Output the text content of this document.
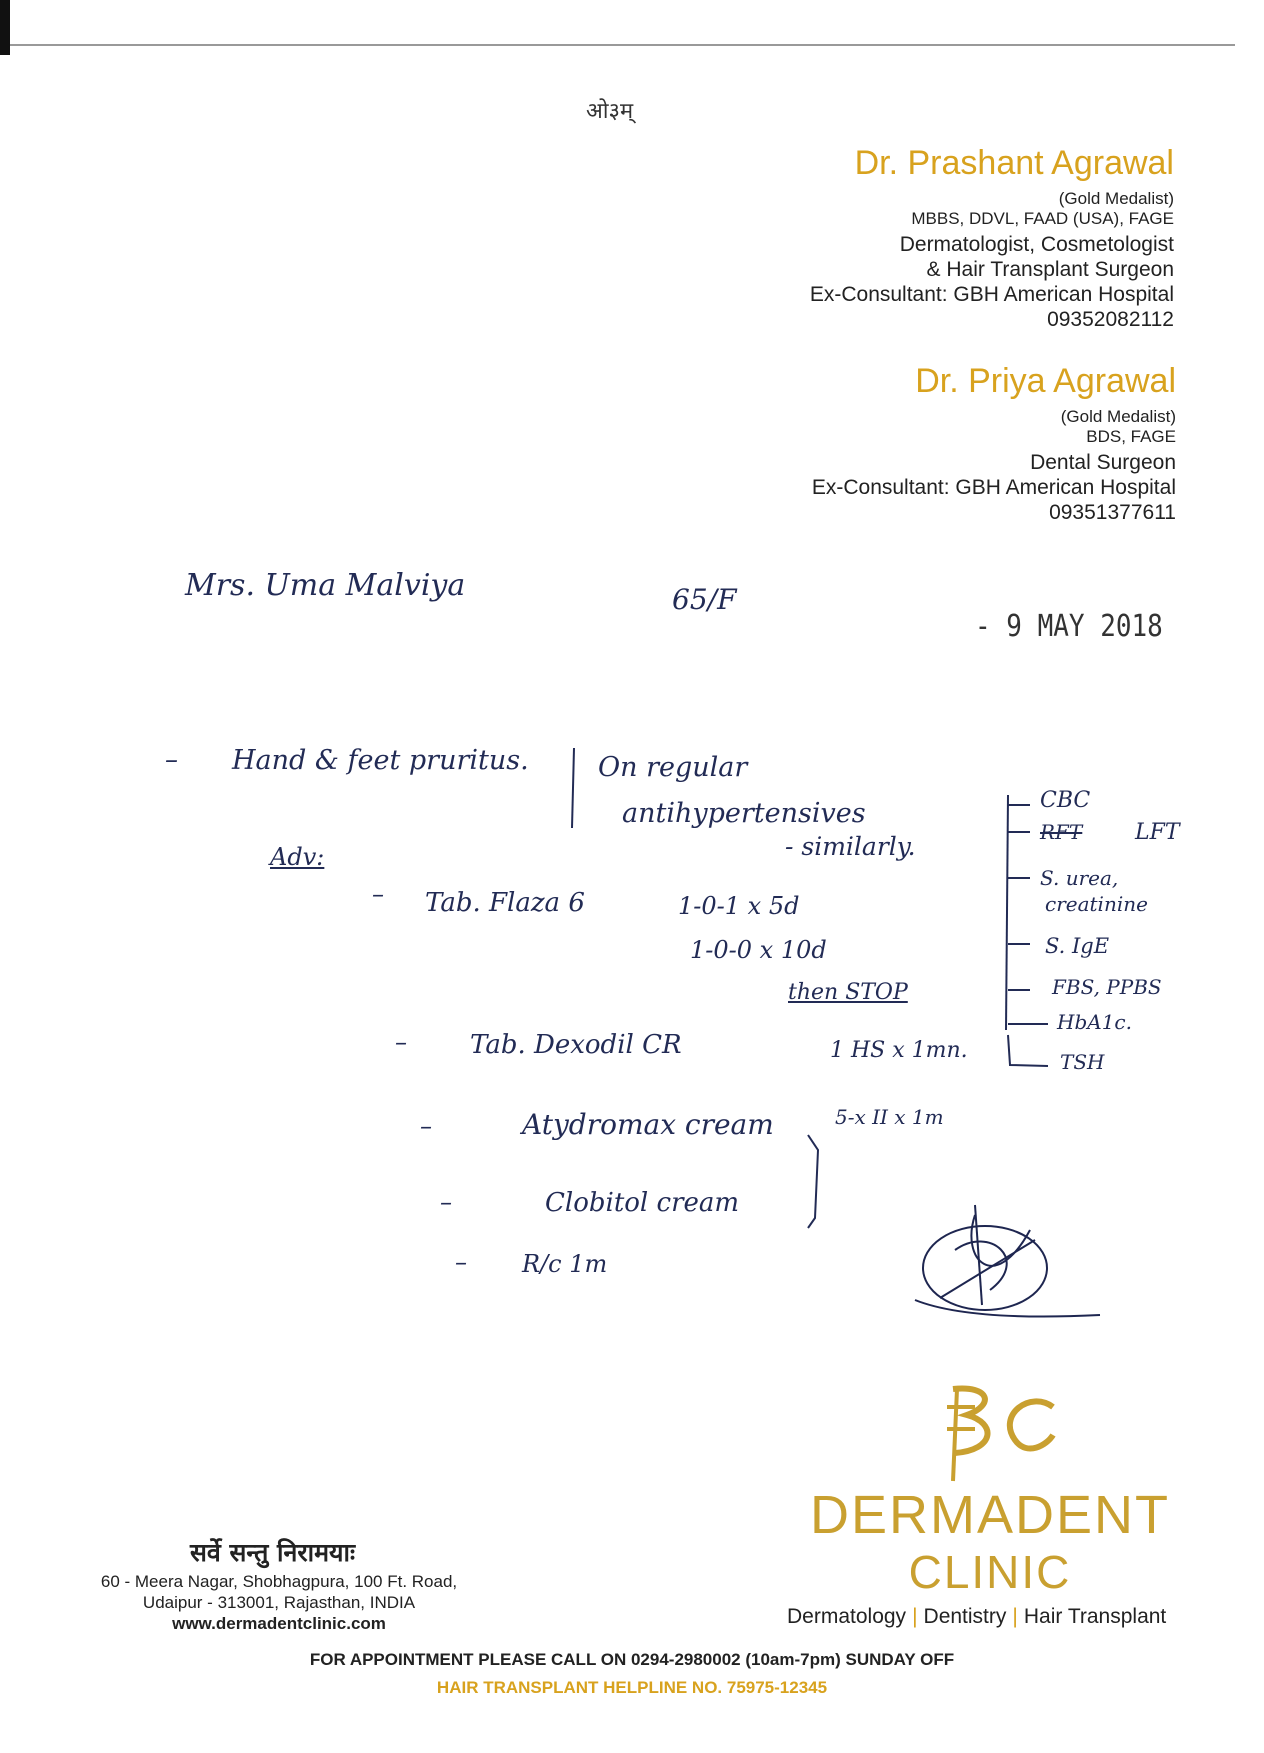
ओ३म्
Dr. Prashant Agrawal
(Gold Medalist)
MBBS, DDVL, FAAD (USA), FAGE
Dermatologist, Cosmetologist
& Hair Transplant Surgeon
Ex-Consultant: GBH American Hospital
09352082112
Dr. Priya Agrawal
(Gold Medalist)
BDS, FAGE
Dental Surgeon
Ex-Consultant: GBH American Hospital
09351377611
Mrs. Uma Malviya	65/F
- 9 MAY 2018
– Hand & feet pruritus.	On regular
antihypertensives
- similarly.
Adv:
– Tab. Flaza 6	1-0-1 x 5d
1-0-0 x 10d
then STOP
– Tab. Dexodil CR	1 HS x 1mn.
–	Atydromax cream	5-x II x 1m
–	Clobitol cream
– R/c 1m
CBC
RFT LFT
S. urea,
creatinine
S. IgE
FBS, PPBS
HbA1c.
TSH
DERMADENT
CLINIC
Dermatology | Dentistry | Hair Transplant
सर्वे सन्तु निरामयाः
60 - Meera Nagar, Shobhagpura, 100 Ft. Road,
Udaipur - 313001, Rajasthan, INDIA
www.dermadentclinic.com
FOR APPOINTMENT PLEASE CALL ON 0294-2980002 (10am-7pm) SUNDAY OFF
HAIR TRANSPLANT HELPLINE NO. 75975-12345
